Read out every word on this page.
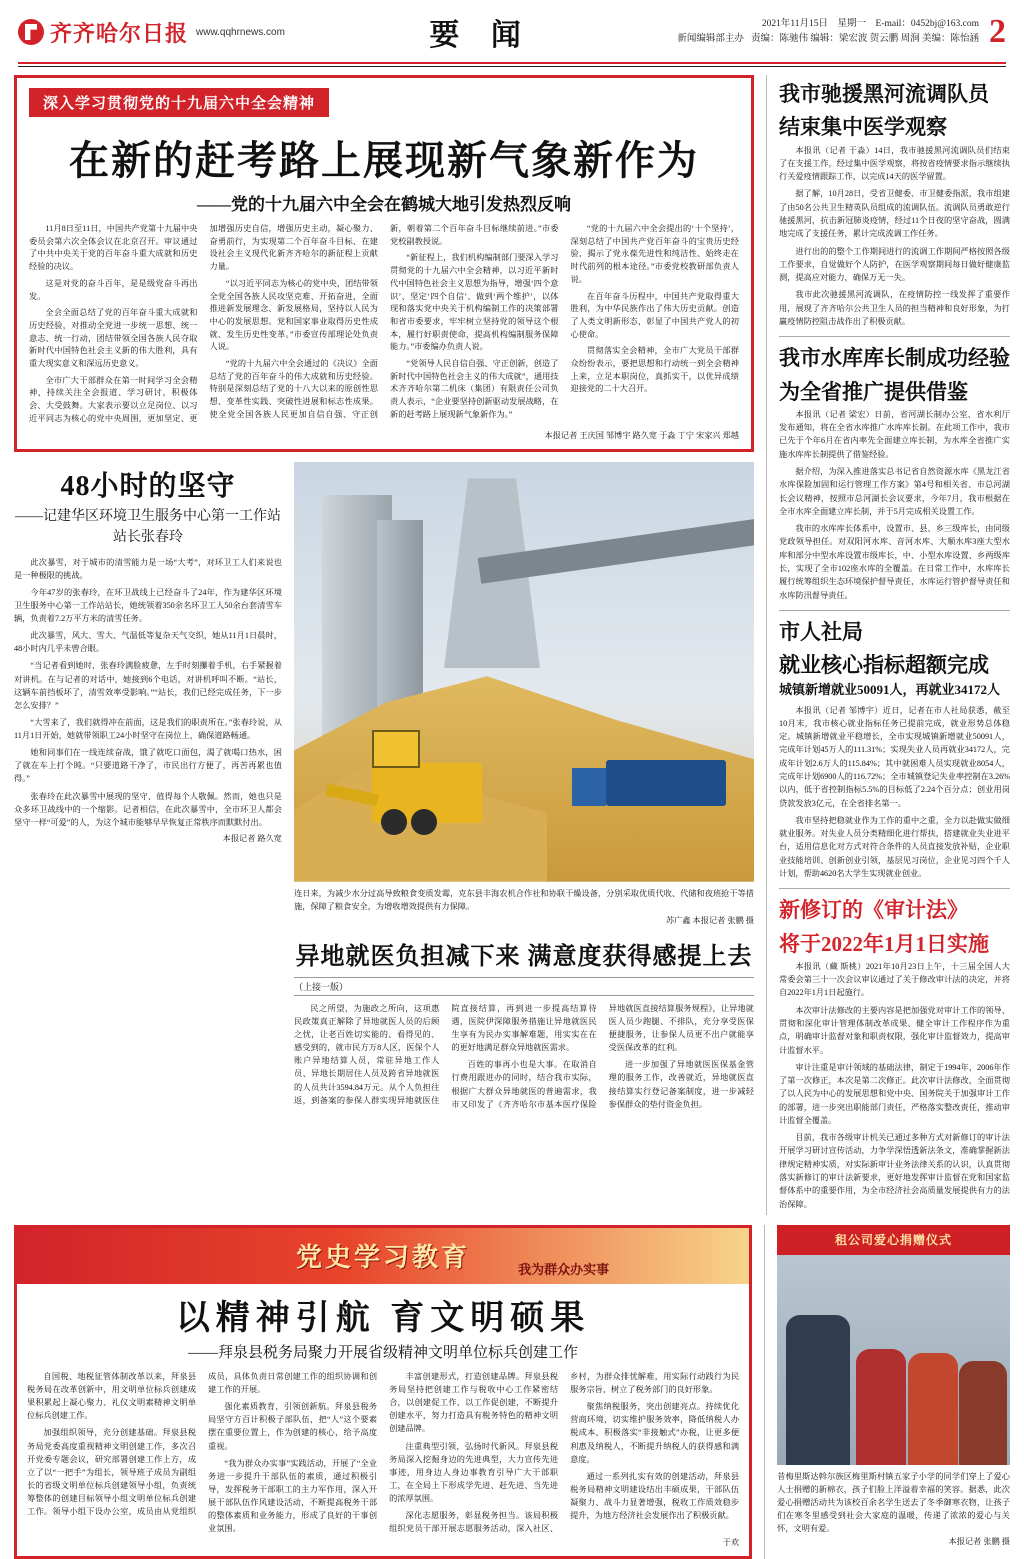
齐齐哈尔日报 www.qqhrnews.com	要 闻	2021年11月15日 星期一 E-mail：0452bj@163.com
新闻编辑部主办 责编：陈驰伟 编辑：梁宏波 贺云鹏 周涧 美编：陈怡涵 2
深入学习贯彻党的十九届六中全会精神
在新的赶考路上展现新气象新作为
——党的十九届六中全会在鹤城大地引发热烈反响

11月8日至11日，中国共产党第十九届中央委员会第六次全体会议在北京召开。审议通过了中共中央关于党的百年奋斗重大成就和历史经验的决议。

这是对党的奋斗百年，是是级党奋斗再出发。

全会全面总结了党的百年奋斗重大成就和历史经验，对推动全党进一步统一思想、统一意志、统一行动，团结带领全国各族人民夺取新时代中国特色社会主义新的伟大胜利，具有重大现实意义和深远历史意义。

全市广大干部群众在第一时间学习全会精神，持续关注全会报道、学习研讨，积极体会、大受鼓舞。大家表示要以立足岗位、以习近平同志为核心的党中央周围，更加坚定、更加增强历史自信，增强历史主动，凝心聚力、奋勇前行，为实现第二个百年奋斗目标、在建设社会主义现代化新齐齐哈尔的新征程上贡献力量。

“以习近平同志为核心的党中央，团结带领全党全国各族人民攻坚克难、开拓奋进，全面推进新发展理念、新发展格局，坚持以人民为中心的发展思想。党和国家事业取得历史性成就、发生历史性变革。”市委宣传部理论处负责人说。

“党的十九届六中全会通过的《决议》全面总结了党的百年奋斗的伟大成就和历史经验。特别是深刻总结了党的十八大以来的原创性思想、变革性实践、突破性进展和标志性成果。使全党全国各族人民更加自信自强、守正创新，朝着第二个百年奋斗目标继续前进。”市委党校副教授说。

“新征程上，我们机构编制部门要深入学习贯彻党的十九届六中全会精神，以习近平新时代中国特色社会主义思想为指导，增强‘四个意识’、坚定‘四个自信’、做到‘两个维护’，以体现和落实党中央关于机构编制工作的决策部署和省市委要求，牢牢树立坚持党的领导这个根本，履行好职责使命，提高机构编制服务保障能力。”市委编办负责人说。

“党领导人民自信自强、守正创新，创造了新时代中国特色社会主义的伟大成就”，通用技术齐齐哈尔第二机床（集团）有限责任公司负责人表示，“企业要坚持创新驱动发展战略，在新的赶考路上展现新气象新作为。”

“党的十九届六中全会提出的‘十个坚持’，深刻总结了中国共产党百年奋斗的宝贵历史经验，揭示了党永葆先进性和纯洁性、始终走在时代前列的根本途径。”市委党校教研部负责人说。

在百年奋斗历程中，中国共产党取得重大胜利，为中华民族作出了伟大历史贡献。创造了人类文明新形态，彰显了中国共产党人的初心使命。

贯彻落实全会精神，全市广大党员干部群众纷纷表示，要把思想和行动统一到全会精神上来，立足本职岗位，真抓实干，以优异成绩迎接党的二十大召开。

本报记者 王庆国 邹博宇 路久宽 于淼 丁宁 宋家兴 郑越
48小时的坚守
——记建华区环境卫生服务中心第一工作站站长张春玲

此次暴雪，对于城市的清雪能力是一场“大考”，对环卫工人们来说也是一种极限的挑战。

今年47岁的张春玲，在环卫战线上已经奋斗了24年，作为建华区环境卫生服务中心第一工作站站长，她统领着350余名环卫工人50余台套清雪车辆，负责着7.2万平方米的清雪任务。

此次暴雪，风大、雪大、气温低等复杂天气交织，她从11月1日晨时，48小时内几乎未曾合眼。

“当记者看到她时，张春玲满脸疲惫，左手时刻攥着手机，右手紧握着对讲机。在与记者的对话中，她接到6个电话，对讲机呼叫不断。“站长，这辆车前挡板坏了，清雪效率受影响。”“站长，我们已经完成任务，下一步怎么安排？”

“大雪来了，我们就得冲在前面，这是我们的职责所在。”张春玲说，从11月1日开始，她就带领职工24小时坚守在岗位上，确保道路畅通。

她和同事们在一线连续奋战，饿了就吃口面包，渴了就喝口热水，困了就在车上打个盹。“只要道路干净了，市民出行方便了，再苦再累也值得。”

张春玲在此次暴雪中展现的坚守、值得每个人敬佩。然而，她也只是众多环卫战线中的一个缩影。记者相信，在此次暴雪中，全市环卫人都会坚守一样“可爱”的人，为这个城市能够早早恢复正常秩序而默默付出。

本报记者 路久宽
连日来，为减少水分过高导致粮食变质发霉，克东县丰海农机合作社和协联干燥设备，分别采取优质代收、代储和夜班抢干等措施，保障了粮食安全，为增收增效提供有力保障。
苏广鑫 本报记者 张鹏 摄
异地就医负担减下来 满意度获得感提上去
（上接一版）

民之所望，为施政之所向，这项惠民政策真正解除了异地就医人员的后顾之忧，让老百姓切实能的、看得见的、感受到的，就市民方万8人区，医保个人账户异地结算人员，常驻异地工作人员、异地长期居住人员及跨省异地就医的人员共计3594.84万元。从个人负担往返，到备案的参保人群实现异地就医住院直接结算，再到进一步提高结算待遇，医院伊深障服务措施让异地就医民生享有为民办实事解难题，用实实在在的更好地满足群众异地就医需求。

百姓的事再小也是大事。在取消自行费用跟进办的同时，结合我市实际，根据广大群众异地就医的普遍需求，我市又印发了《齐齐哈尔市基本医疗保险异地就医直接结算服务规程》，让异地就医人员少跑腿、不排队，充分享受医保便捷服务，让参保人员更不出户就能享受医保改革的红利。

进一步加强了异地就医医保基金管理的服务工作，改善就近，异地就医直接结算实行登记备案制度，进一步减轻参保群众的垫付资金负担。

我市驰援黑河流调队员
结束集中医学观察

本报讯（记者 于淼）14日，我市驰援黑河流调队员们结束了在支援工作，经过集中医学观察，将按省疫情要求指示继续执行关爱疫情跟踪工作，以完成14天的医学留置。

据了解，10月28日，受省卫健委、市卫健委指派，我市组建了由50名公共卫生精英队员组成的流调队伍。流调队员勇敢逆行驰援黑河，抗击新冠肺炎疫情，经过11个日夜的坚守奋战，圆满地完成了支援任务，累计完成流调工作任务。

进行出的的整个工作期间进行的流调工作期间严格按照各级工作要求，自觉做好个人防护，在医学观察期间每日做好健康监测，提高应对能力，确保万无一失。

我市此次驰援黑河流调队，在疫情防控一线发挥了重要作用，展现了齐齐哈尔公共卫生人员的担当精神和良好形象，为打赢疫情防控阻击战作出了积极贡献。

我市水库库长制成功经验
为全省推广提供借鉴

本报讯（记者 梁宏）日前，省河湖长制办公室、省水利厅发布通知，将在全省水库推广水库库长制。在此项工作中，我市已先于个年6月在省内率先全面建立库长制，为水库全省推广实施水库库长制提供了借鉴经验。

据介绍，为深入推进落实总书记省自然资源水库《黑龙江省水库保险加固和运行管理工作方案》第4号和相关省、市总河湖长会议精神，按照市总河湖长会议要求，今年7月，我市根据在全市水库全面建立库长制，并于5月完成相关设置工作。

我市的水库库长体系中，设置市、县、乡三级库长，由同级党政领导担任。对双阳河水库、音河水库、大顺水库3座大型水库和部分中型水库设置市级库长，中、小型水库设置、乡两级库长，实现了全市102座水库的全覆盖。在日常工作中，水库库长履行统筹组织生态环境保护督导责任，水库运行管护督导责任和水库防汛督导责任。

市人社局
就业核心指标超额完成
城镇新增就业50091人，再就业34172人

本报讯（记者 邹博宇）近日，记者在市人社局获悉，截至10月末，我市核心就业指标任务已提前完成，就业形势总体稳定。城镇新增就业平稳增长，全市实现城镇新增就业50091人，完成年计划45万人的111.31%；实现失业人员再就业34172人，完成年计划2.6万人的115.84%；其中就困难人员实现就业8054人，完成年计划6900人的116.72%；全市城镇登记失业率控制在3.26%以内，低于省控制指标5.5%的目标低了2.24个百分点；创业用岗贷款发放3亿元，在全省排名第一。

我市坚持把稳就业作为工作的重中之重，全力以赴做实做细就业服务。对失业人员分类精细化进行帮扶，搭建就业失业进平台，适用信息化对方式对符合条件的人员直接发放补贴，企业职业技能培训、创新创业引领，基层见习岗位，企业见习四个千人计划，帮助4620名大学生实现就业创业。

新修订的《审计法》
将于2022年1月1日实施

本报讯（藏 斯桃）2021年10月23日上午，十三届全国人大常委会第三十一次会议审议通过了关于修改审计法的决定，并将自2022年1月1日起施行。

本次审计法修改的主要内容是把加强党对审计工作的领导、贯彻和深化审计管理体制改革成果、健全审计工作程序作为重点，明确审计监督对象和职责权限，强化审计监督效力，提高审计监督水平。

审计注重是审计领域的基础法律，制定于1994年，2006年作了第一次修正，本次是第二次修正。此次审计法修改，全面贯彻了以人民为中心的发展思想和党中央、国务院关于加强审计工作的部署，进一步突出职能部门责任，严格落实整改责任，推动审计监督全覆盖。

目前，我市各级审计机关已通过多种方式对新修订的审计法开展学习研讨宣传活动，力争学深悟透新法条文，准确掌握新法律规定精神实质，对实际新审计业务法律关系的认识，认真贯彻落实新修订的审计法新要求，更好地发挥审计监督在党和国家监督体系中的重要作用，为全市经济社会高质量发展提供有力的法治保障。

党史学习教育	我为群众办实事
以精神引航 育文明硕果
——拜泉县税务局聚力开展省级精神文明单位标兵创建工作

自国税、地税征管体制改革以来，拜泉县税务局在改革创新中，用文明单位标兵创建成果积累起上凝心聚力、礼仪文明素精神文明单位标兵创建工作。

加强组织领导，充分创建基础。拜泉县税务局党委高度重视精神文明创建工作，多次召开党委专题会议，研究部署创建工作上方，成立了以“一把手”为组长，领导班子成员为副组长的省级文明单位标兵创建领导小组，负责统筹整体的创建目标领导小组文明单位标兵创建工作。领导小组下设办公室，成员由从党组织成员，具体负责日常创建工作的组织协调和创建工作的开展。

强化素质教育，引领创新航。拜泉县税务局坚守方百计积极子部队伍，把“人”这个要素摆在重要位置上，作为创建的核心，给予高度重视。

“我为群众办实事”实践活动，开展了“全业务进一步提升干部队伍的素质，通过积极引导，发挥税务干部职工的主力军作用，深入开展干部队伍作风建设活动，不断提高税务干部的整体素质和业务能力，形成了良好的干事创业氛围。

丰富创建形式，打造创建品牌。拜泉县税务局坚持把创建工作与税收中心工作紧密结合，以创建促工作、以工作促创建，不断提升创建水平，努力打造具有税务特色的精神文明创建品牌。

注重典型引领，弘扬时代新风。拜泉县税务局深入挖掘身边的先进典型，大力宣传先进事迹，用身边人身边事教育引导广大干部职工，在全局上下形成学先进、赶先进、当先进的浓厚氛围。

深化志愿服务，彰显税务担当。该局积极组织党员干部开展志愿服务活动，深入社区、乡村，为群众排忧解难，用实际行动践行为民服务宗旨，树立了税务部门的良好形象。

聚焦纳税服务，突出创建亮点。持续优化营商环境，切实维护服务效率，降低纳税人办税成本，积极落实“非接触式”办税，让更多便利惠及纳税人，不断提升纳税人的获得感和满意度。

通过一系列扎实有效的创建活动，拜泉县税务局精神文明建设结出丰硕成果，干部队伍凝聚力、战斗力显著增强，税收工作质效稳步提升，为地方经济社会发展作出了积极贡献。

于欢
租公司爱心捐赠仪式
昔梅里斯达斡尔族区梅里斯村镇五家子小学的同学们穿上了爱心人士捐赠的新棉衣，孩子们脸上洋溢着幸福的笑容。据悉，此次爱心捐赠活动共为该校百余名学生送去了冬季御寒衣物，让孩子们在寒冬里感受到社会大家庭的温暖，传递了浓浓的爱心与关怀，文明有爱。
本报记者 张鹏 摄
